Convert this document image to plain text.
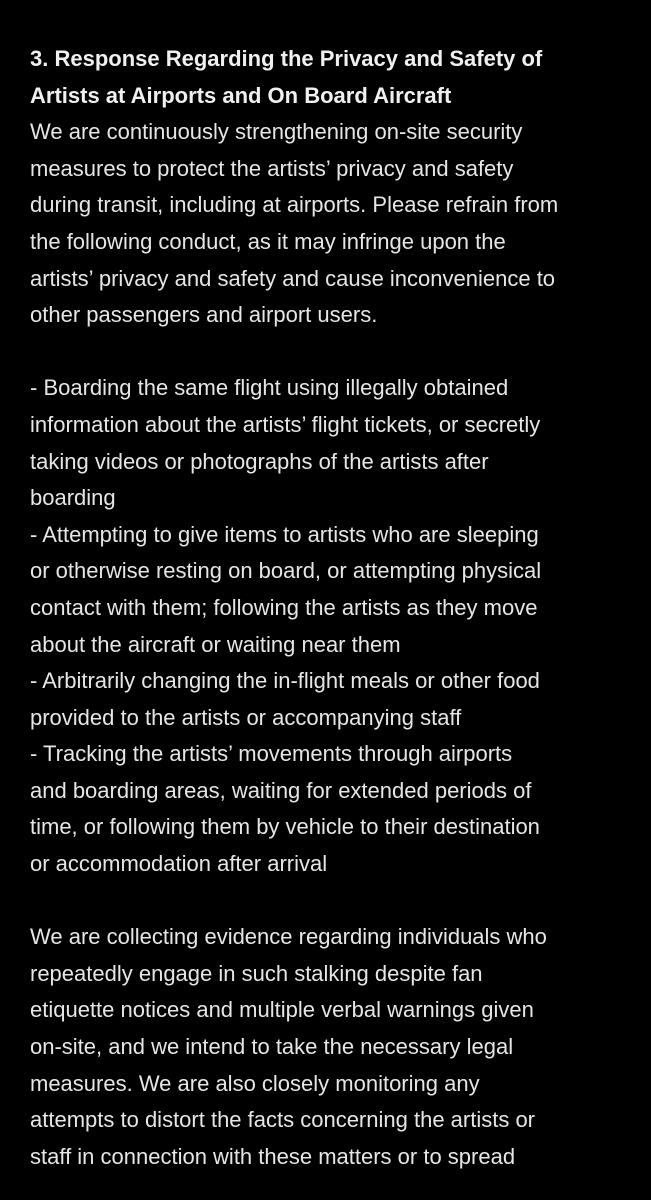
3. Response Regarding the Privacy and Safety of
Artists at Airports and On Board Aircraft
We are continuously strengthening on-site security
measures to protect the artists’ privacy and safety
during transit, including at airports. Please refrain from
the following conduct, as it may infringe upon the
artists’ privacy and safety and cause inconvenience to
other passengers and airport users.
- Boarding the same flight using illegally obtained
information about the artists’ flight tickets, or secretly
taking videos or photographs of the artists after
boarding
- Attempting to give items to artists who are sleeping
or otherwise resting on board, or attempting physical
contact with them; following the artists as they move
about the aircraft or waiting near them
- Arbitrarily changing the in-flight meals or other food
provided to the artists or accompanying staff
- Tracking the artists’ movements through airports
and boarding areas, waiting for extended periods of
time, or following them by vehicle to their destination
or accommodation after arrival
We are collecting evidence regarding individuals who
repeatedly engage in such stalking despite fan
etiquette notices and multiple verbal warnings given
on-site, and we intend to take the necessary legal
measures. We are also closely monitoring any
attempts to distort the facts concerning the artists or
staff in connection with these matters or to spread
